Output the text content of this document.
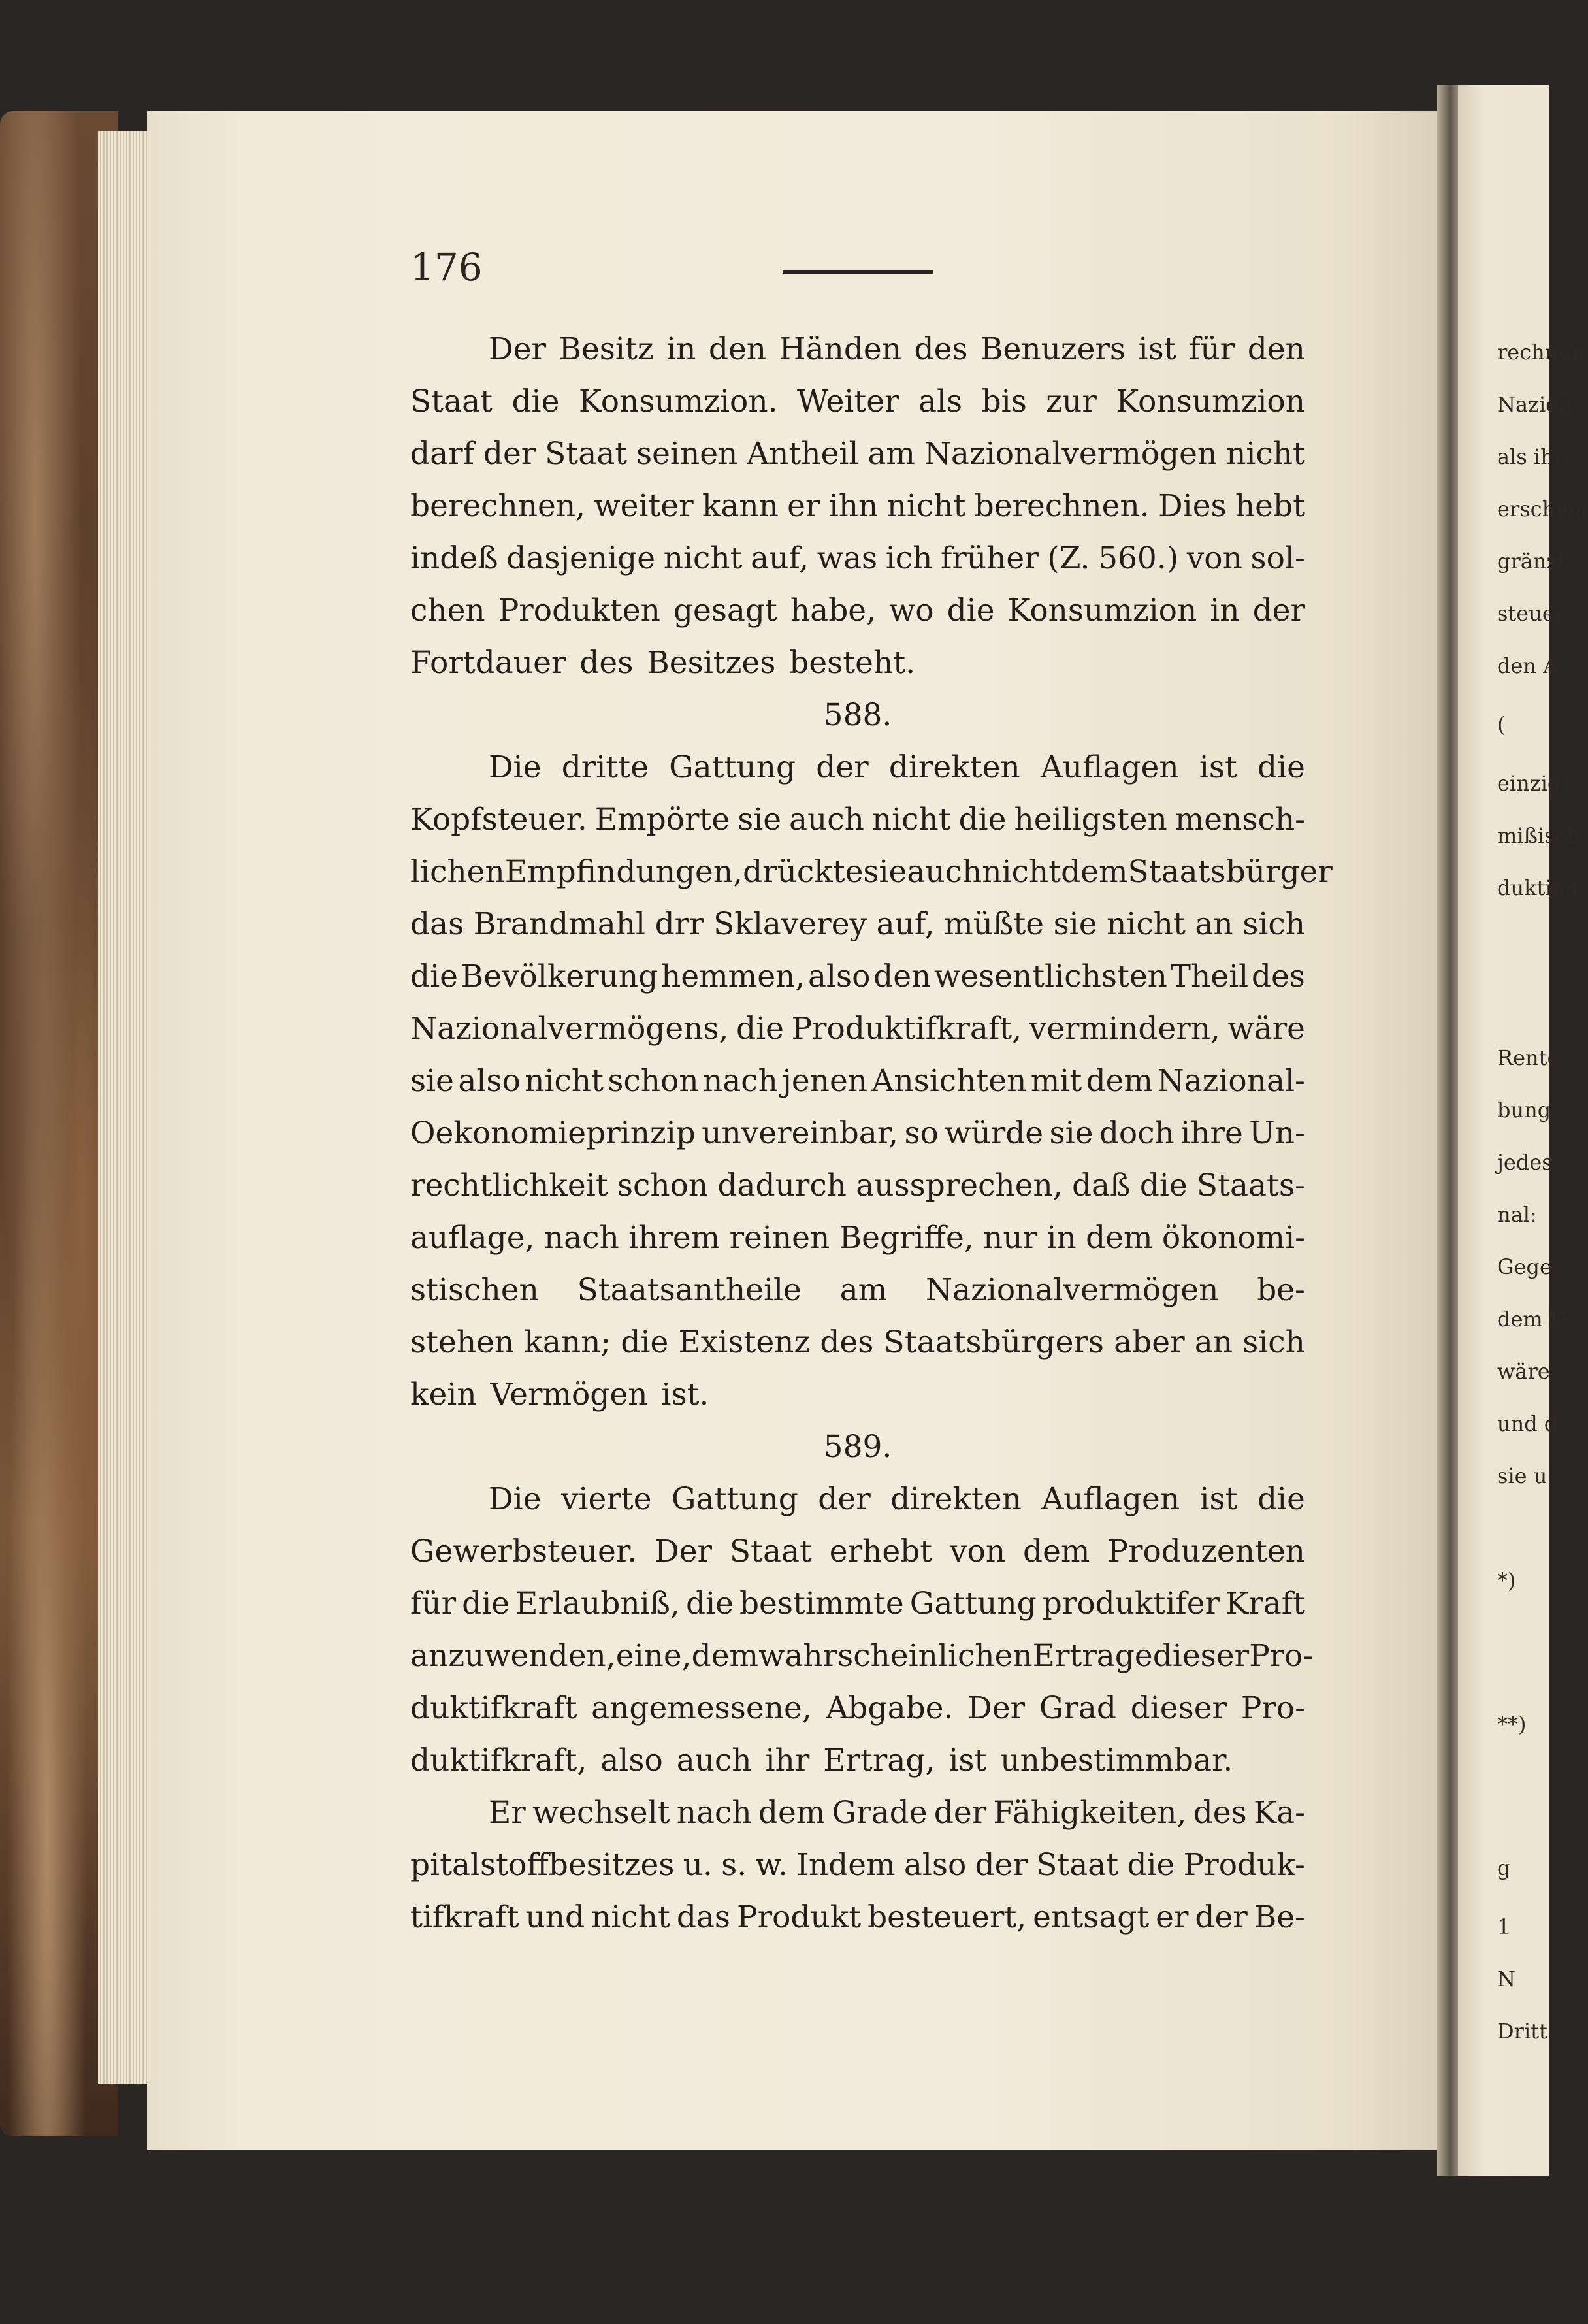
rechnun
Nazion
als ihr
erschien
gränzt
steuer.
den A
(
einzig
mißisch
duktion
Rente
bung
jedes
nal:
Gege
dem D
wäre.
und d
sie u
*)
**)
g
1
N
Dritt
176
Der Besitz in den Händen des Benuzers ist für den
Staat die Konsumzion. Weiter als bis zur Konsumzion
darf der Staat seinen Antheil am Nazionalvermögen nicht
berechnen, weiter kann er ihn nicht berechnen. Dies hebt
indeß dasjenige nicht auf, was ich früher (Z. 560.) von sol-
chen Produkten gesagt habe, wo die Konsumzion in der
Fortdauer des Besitzes besteht.
588.
Die dritte Gattung der direkten Auflagen ist die
Kopfsteuer. Empörte sie auch nicht die heiligsten mensch-
lichen Empfindungen, drückte sie auch nicht dem Staatsbürger
das Brandmahl drr Sklaverey auf, müßte sie nicht an sich
die Bevölkerung hemmen, also den wesentlichsten Theil des
Nazionalvermögens, die Produktifkraft, vermindern, wäre
sie also nicht schon nach jenen Ansichten mit dem Nazional-
Oekonomieprinzip unvereinbar, so würde sie doch ihre Un-
rechtlichkeit schon dadurch aussprechen, daß die Staats-
auflage, nach ihrem reinen Begriffe, nur in dem ökonomi-
stischen Staatsantheile am Nazionalvermögen be-
stehen kann; die Existenz des Staatsbürgers aber an sich
kein Vermögen ist.
589.
Die vierte Gattung der direkten Auflagen ist die
Gewerbsteuer. Der Staat erhebt von dem Produzenten
für die Erlaubniß, die bestimmte Gattung produktifer Kraft
anzuwenden, eine, dem wahrscheinlichen Ertrage dieser Pro-
duktifkraft angemessene, Abgabe. Der Grad dieser Pro-
duktifkraft, also auch ihr Ertrag, ist unbestimmbar.
Er wechselt nach dem Grade der Fähigkeiten, des Ka-
pitalstoffbesitzes u. s. w. Indem also der Staat die Produk-
tifkraft und nicht das Produkt besteuert, entsagt er der Be-
